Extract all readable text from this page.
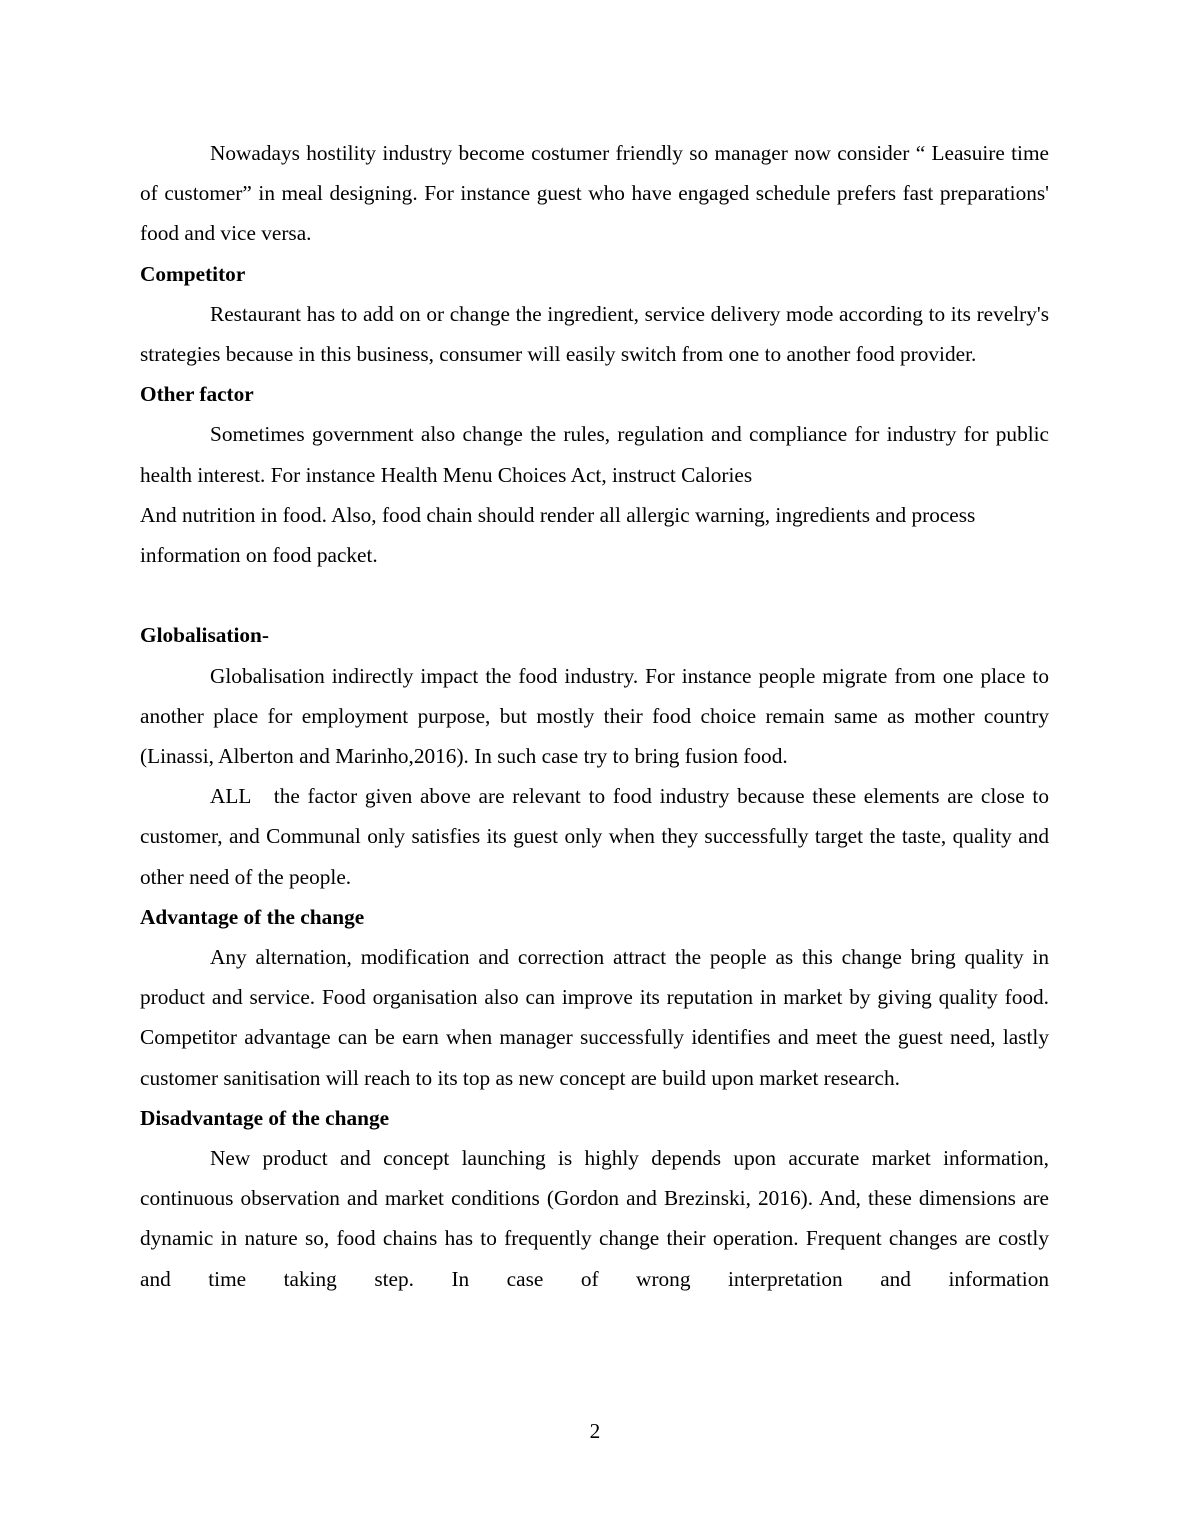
Nowadays hostility industry become costumer friendly so manager now consider “ Leasuire time of customer” in meal designing. For instance guest who have engaged schedule prefers fast preparations' food and vice versa.

Competitor

Restaurant has to add on or change the ingredient, service delivery mode according to its revelry's strategies because in this business, consumer will easily switch from one to another food provider.

Other factor

Sometimes government also change the rules, regulation and compliance for industry for public health interest. For instance Health Menu Choices Act, instruct Calories

And nutrition in food. Also, food chain should render all allergic warning, ingredients and process information on food packet.

Globalisation-

Globalisation indirectly impact the food industry. For instance people migrate from one place to another place for employment purpose, but mostly their food choice remain same as mother country (Linassi, Alberton and Marinho,2016). In such case try to bring fusion food.

ALL   the factor given above are relevant to food industry because these elements are close to customer, and Communal only satisfies its guest only when they successfully target the taste, quality and other need of the people.

Advantage of the change

Any alternation, modification and correction attract the people as this change bring quality in product and service. Food organisation also can improve its reputation in market by giving quality food. Competitor advantage can be earn when manager successfully identifies and meet the guest need, lastly customer sanitisation will reach to its top as new concept are build upon market research.

Disadvantage of the change

New product and concept launching is highly depends upon accurate market information, continuous observation and market conditions (Gordon and Brezinski, 2016). And, these dimensions are dynamic in nature so, food chains has to frequently change their operation. Frequent changes are costly and time taking step. In case of wrong interpretation and information

2
